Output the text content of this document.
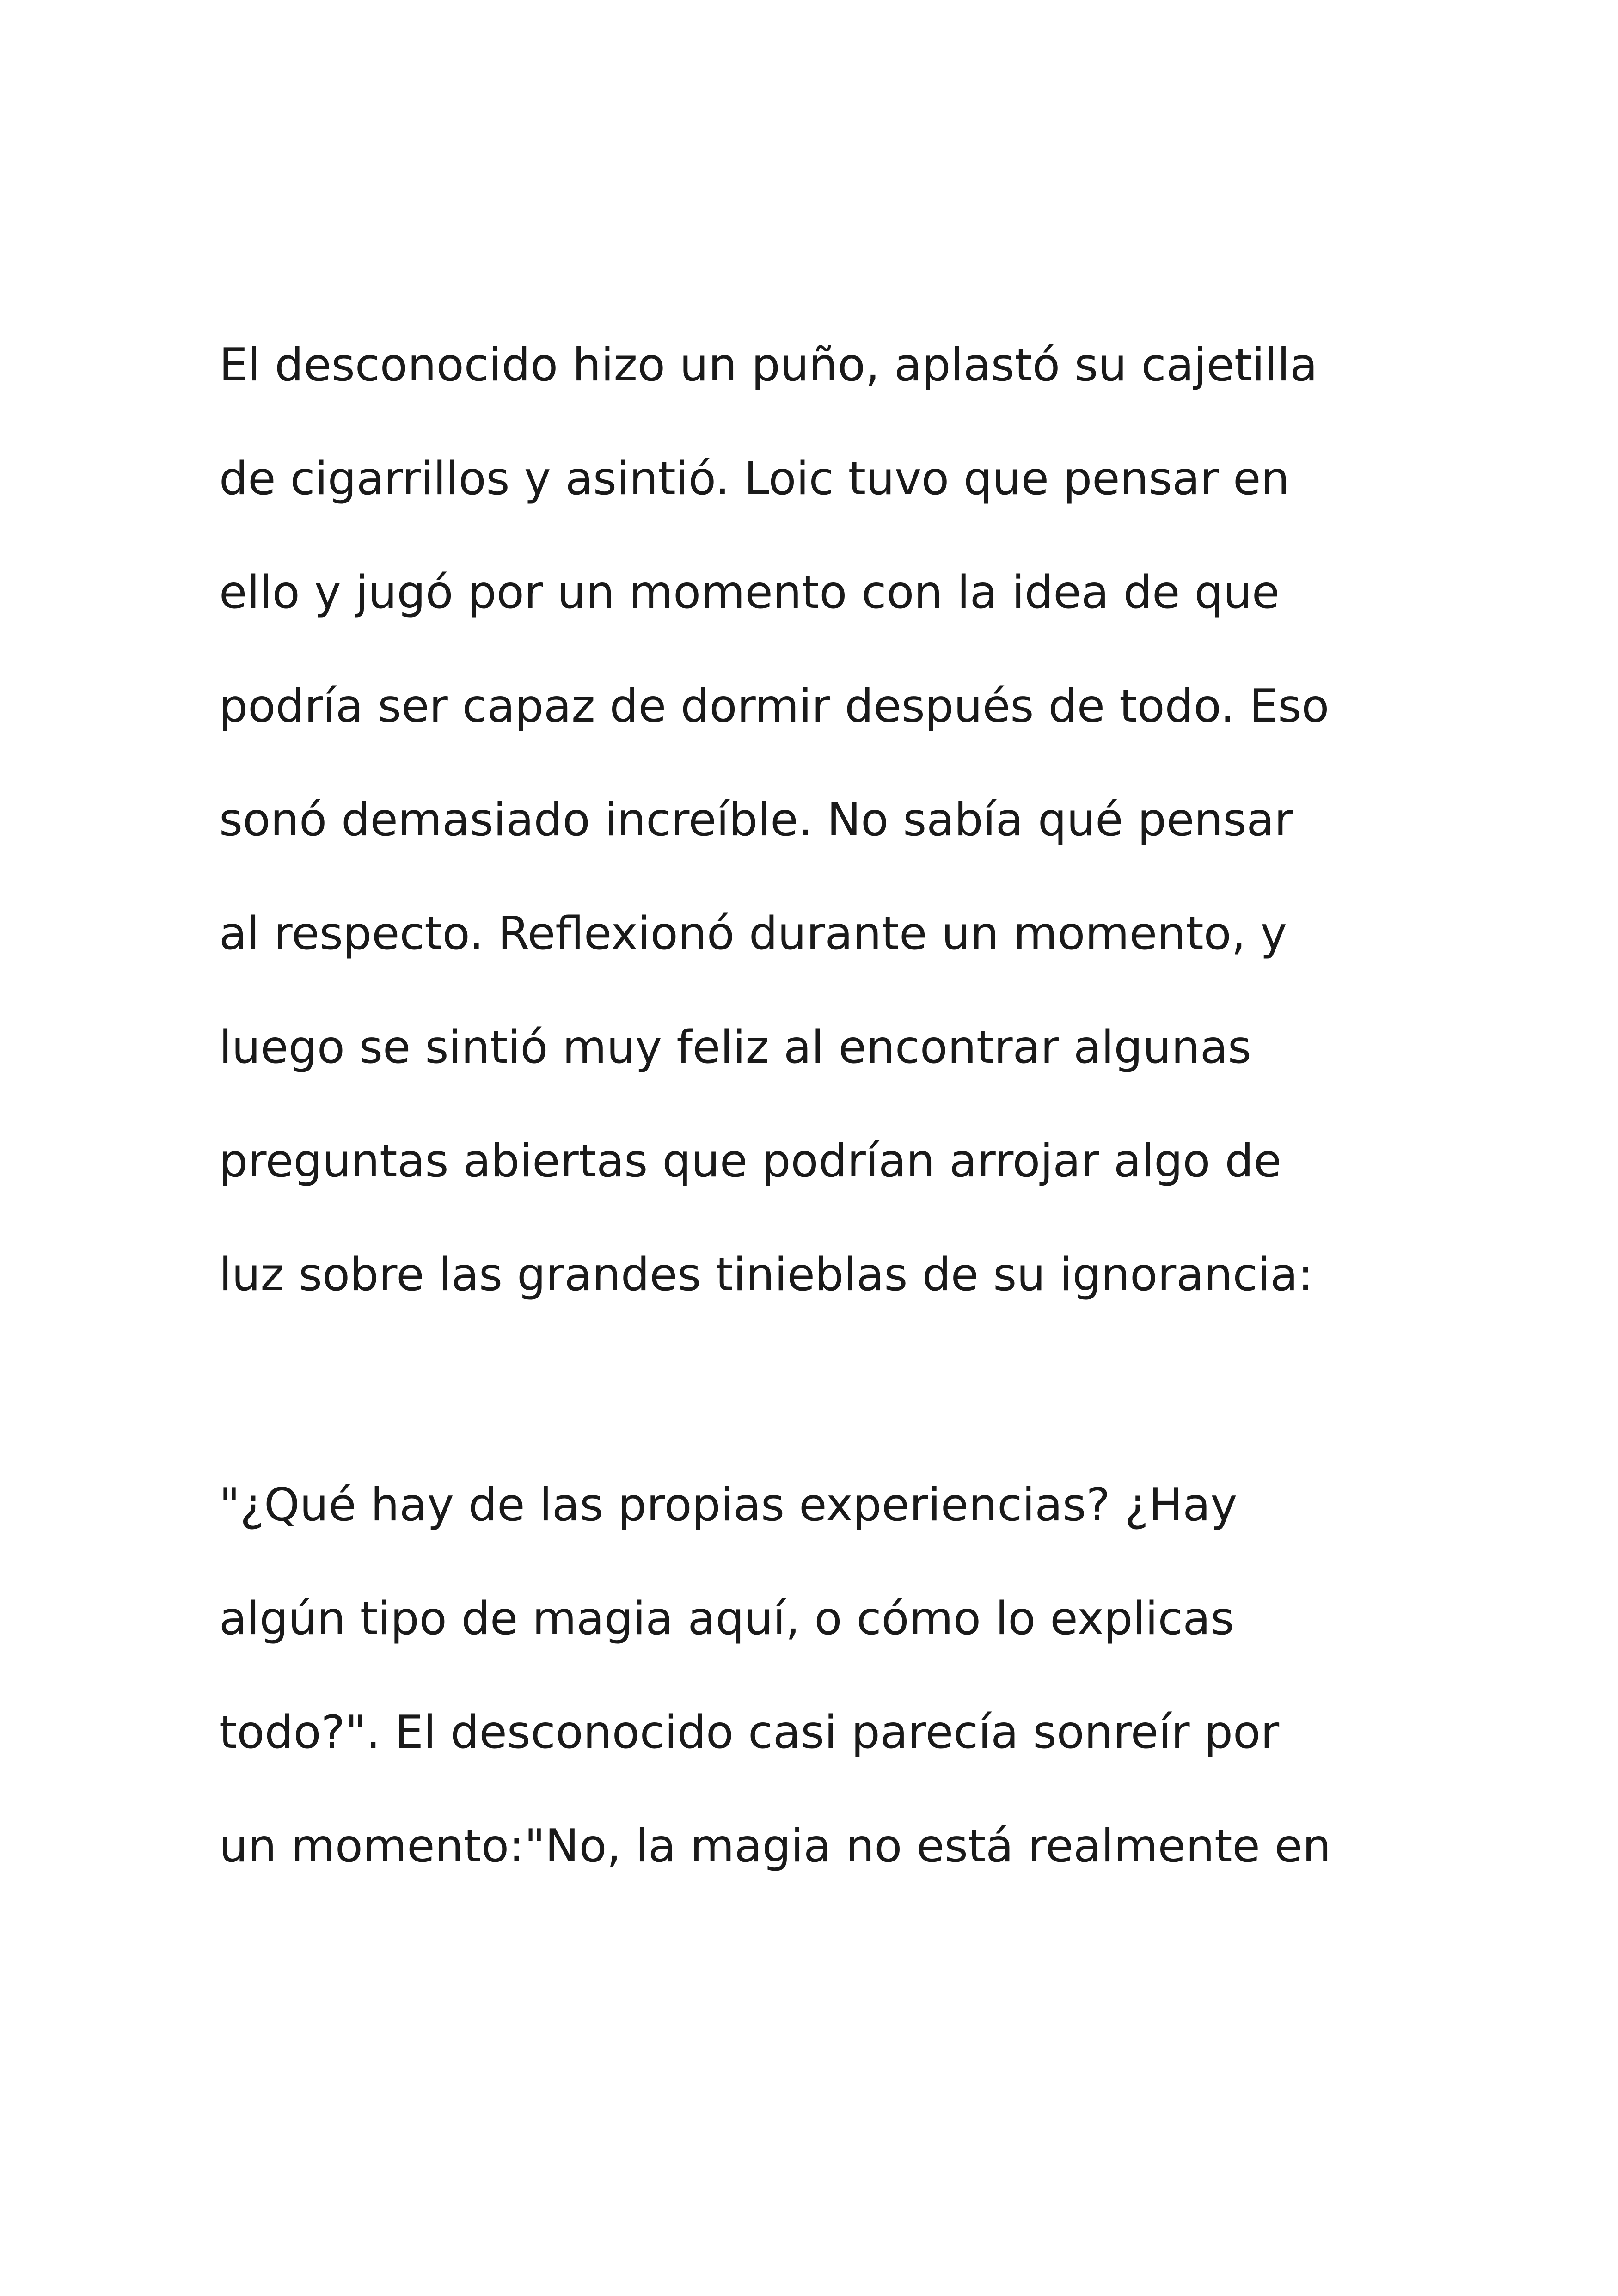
El desconocido hizo un puño, aplastó su cajetilla
de cigarrillos y asintió. Loic tuvo que pensar en
ello y jugó por un momento con la idea de que
podría ser capaz de dormir después de todo. Eso
sonó demasiado increíble. No sabía qué pensar
al respecto. Reflexionó durante un momento, y
luego se sintió muy feliz al encontrar algunas
preguntas abiertas que podrían arrojar algo de
luz sobre las grandes tinieblas de su ignorancia:
"¿Qué hay de las propias experiencias? ¿Hay
algún tipo de magia aquí, o cómo lo explicas
todo?". El desconocido casi parecía sonreír por
un momento:"No, la magia no está realmente en
